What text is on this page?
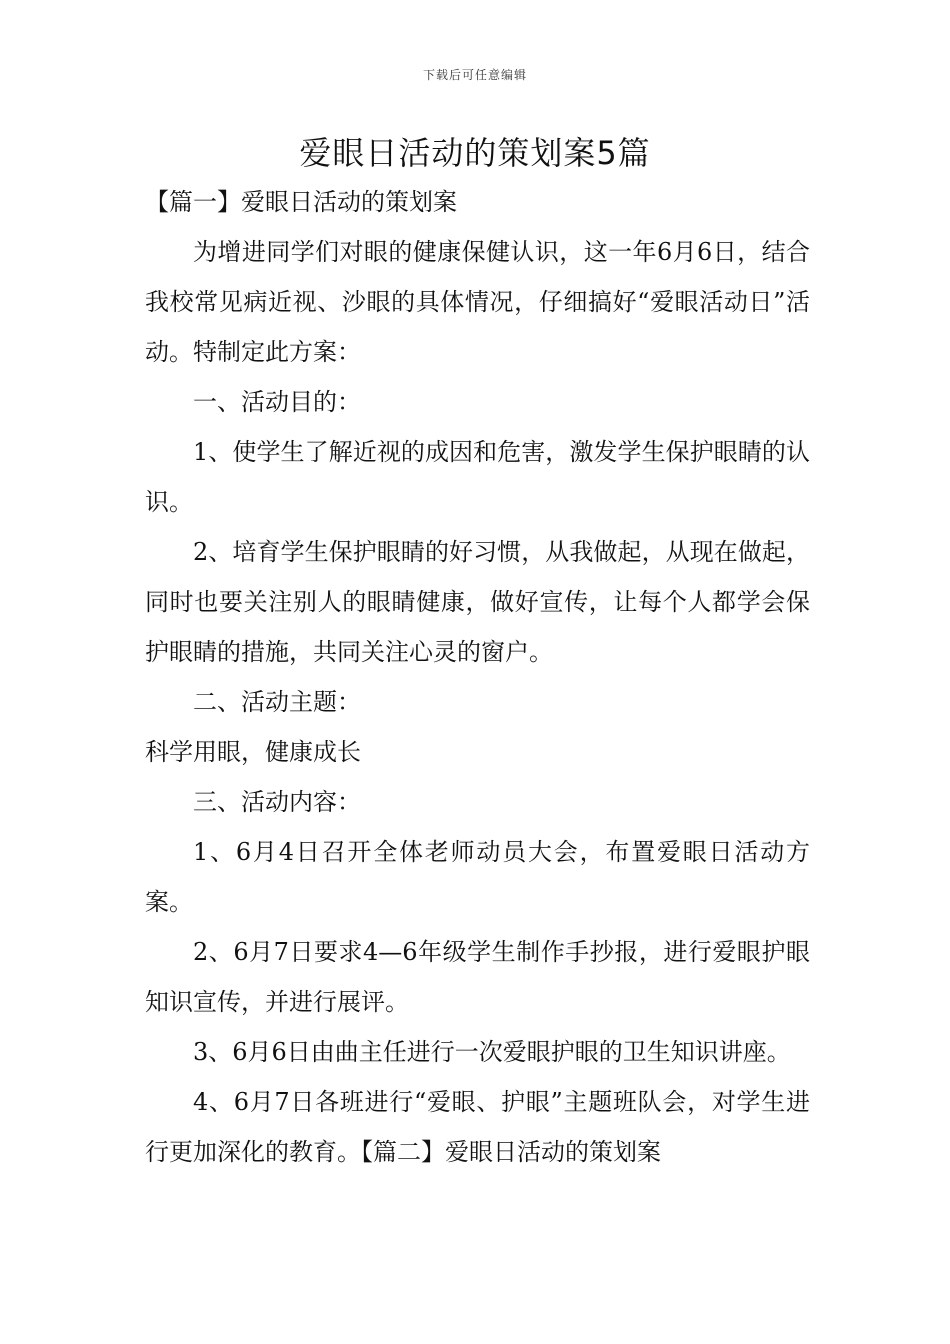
下载后可任意编辑
爱眼日活动的策划案5篇

【篇一】爱眼日活动的策划案

为增进同学们对眼的健康保健认识，这一年6月6日，结合我校常见病近视、沙眼的具体情况，仔细搞好“爱眼活动日”活动。特制定此方案：

一、活动目的：

1、使学生了解近视的成因和危害，激发学生保护眼睛的认识。

2、培育学生保护眼睛的好习惯，从我做起，从现在做起，同时也要关注别人的眼睛健康，做好宣传，让每个人都学会保护眼睛的措施，共同关注心灵的窗户。

二、活动主题：

科学用眼，健康成长

三、活动内容：

1、6月4日召开全体老师动员大会，布置爱眼日活动方案。

2、6月7日要求4—6年级学生制作手抄报，进行爱眼护眼知识宣传，并进行展评。

3、6月6日由曲主任进行一次爱眼护眼的卫生知识讲座。

4、6月7日各班进行“爱眼、护眼”主题班队会，对学生进行更加深化的教育。【篇二】爱眼日活动的策划案
